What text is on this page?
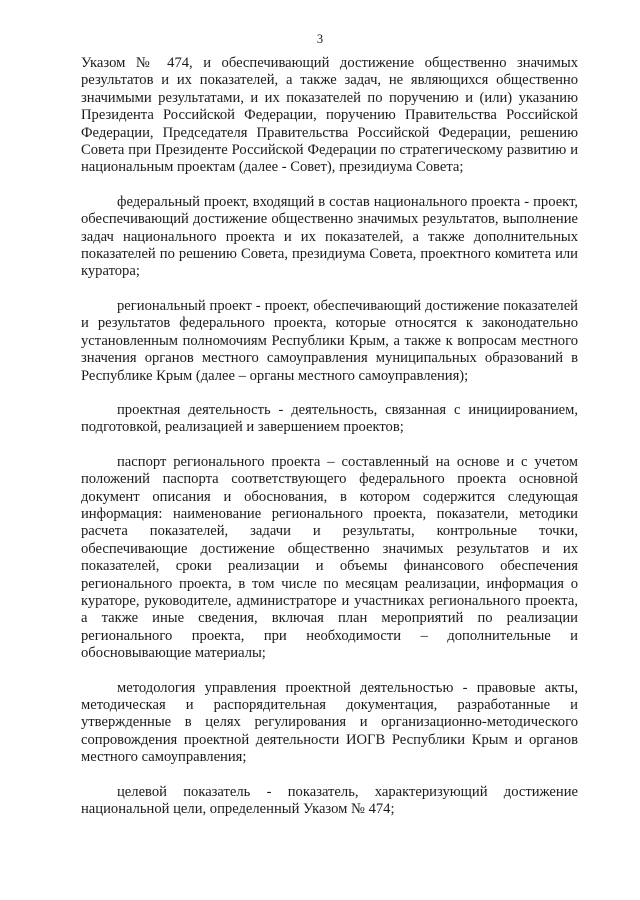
3

Указом № 474, и обеспечивающий достижение общественно значимых результатов и их показателей, а также задач, не являющихся общественно значимыми результатами, и их показателей по поручению и (или) указанию Президента Российской Федерации, поручению Правительства Российской Федерации, Председателя Правительства Российской Федерации, решению Совета при Президенте Российской Федерации по стратегическому развитию и национальным проектам (далее - Совет), президиума Совета;

федеральный проект, входящий в состав национального проекта - проект, обеспечивающий достижение общественно значимых результатов, выполнение задач национального проекта и их показателей, а также дополнительных показателей по решению Совета, президиума Совета, проектного комитета или куратора;

региональный проект - проект, обеспечивающий достижение показателей и результатов федерального проекта, которые относятся к законодательно установленным полномочиям Республики Крым, а также к вопросам местного значения органов местного самоуправления муниципальных образований в Республике Крым (далее – органы местного самоуправления);

проектная деятельность - деятельность, связанная с инициированием, подготовкой, реализацией и завершением проектов;

паспорт регионального проекта – составленный на основе и с учетом положений паспорта соответствующего федерального проекта основной документ описания и обоснования, в котором содержится следующая информация: наименование регионального проекта, показатели, методики расчета показателей, задачи и результаты, контрольные точки, обеспечивающие достижение общественно значимых результатов и их показателей, сроки реализации и объемы финансового обеспечения регионального проекта, в том числе по месяцам реализации, информация о кураторе, руководителе, администраторе и участниках регионального проекта, а также иные сведения, включая план мероприятий по реализации регионального проекта, при необходимости – дополнительные и обосновывающие материалы;

методология управления проектной деятельностью - правовые акты, методическая и распорядительная документация, разработанные и утвержденные в целях регулирования и организационно-методического сопровождения проектной деятельности ИОГВ Республики Крым и органов местного самоуправления;

целевой показатель - показатель, характеризующий достижение национальной цели, определенный Указом № 474;
